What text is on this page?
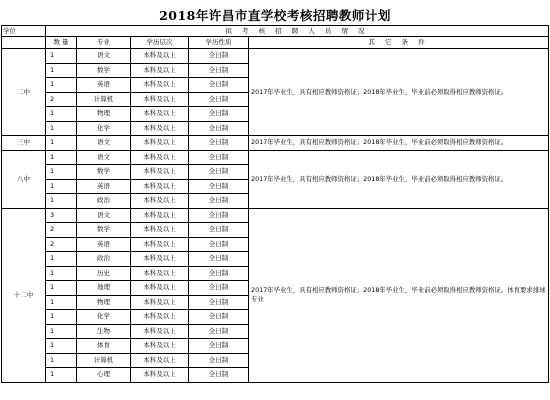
2018年许昌市直学校考核招聘教师计划
学位	拟 考 核 招 聘 人 员 情 况				
	数 量	专业	学历层次	学历性质	其 它 条 件
二中	1	语文	本科及以上	全日制	2017年毕业生，具有相应教师资格证；2018年毕业生，毕业前必须取得相应教师资格证。
	1	数学	本科及以上	全日制	
	1	英语	本科及以上	全日制	
	2	计算机	本科及以上	全日制	
	1	物理	本科及以上	全日制	
	1	化学	本科及以上	全日制	
三中	1	语文	本科及以上	全日制	2017年毕业生，具有相应教师资格证；2018年毕业生，毕业前必须取得相应教师资格证。
八中	1	语文	本科及以上	全日制	2017年毕业生，具有相应教师资格证；2018年毕业生，毕业前必须取得相应教师资格证。
	1	数学	本科及以上	全日制	
	1	英语	本科及以上	全日制	
	1	政治	本科及以上	全日制	
十二中	3	语文	本科及以上	全日制	2017年毕业生，具有相应教师资格证；2018年毕业生，毕业前必须取得相应教师资格证。体育要求排球专业
	2	数学	本科及以上	全日制	
	2	英语	本科及以上	全日制	
	1	政治	本科及以上	全日制	
	1	历史	本科及以上	全日制	
	1	地理	本科及以上	全日制	
	1	物理	本科及以上	全日制	
	1	化学	本科及以上	全日制	
	1	生物	本科及以上	全日制	
	1	体育	本科及以上	全日制	
	1	计算机	本科及以上	全日制	
	1	心理	本科及以上	全日制	
